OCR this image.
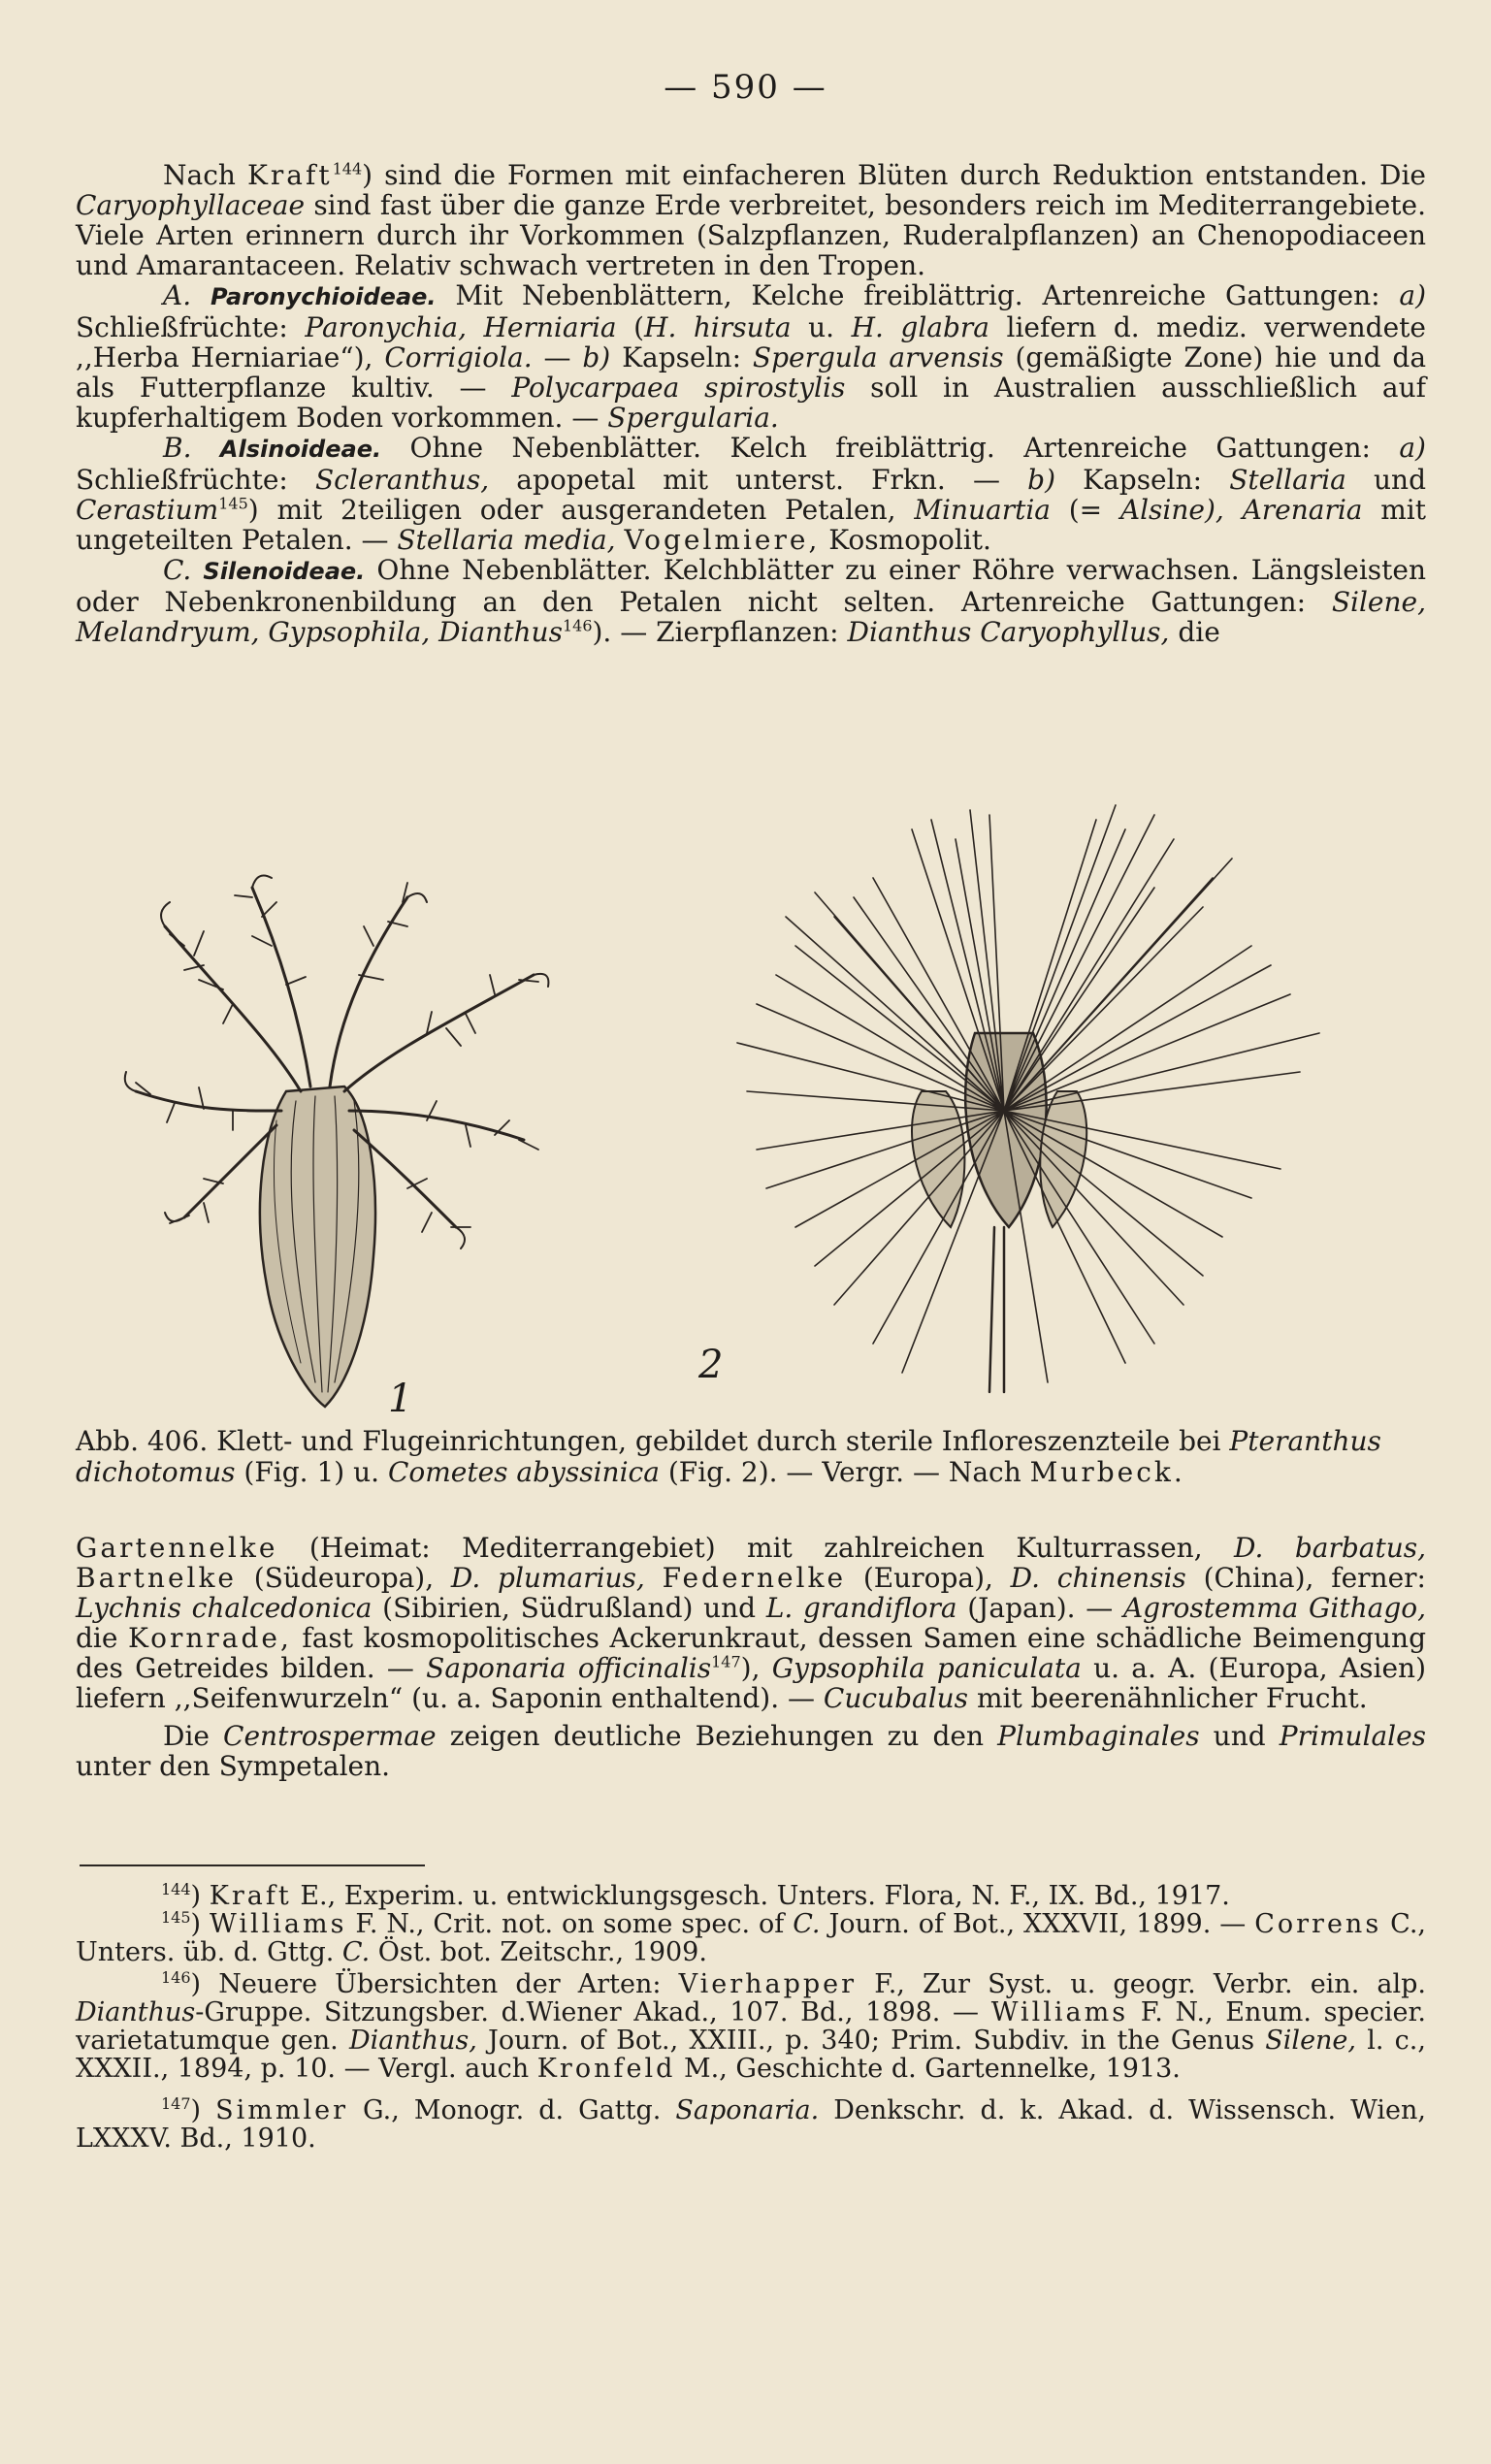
— 590 —

Nach Kraft$^{144}$) sind die Formen mit einfacheren Blüten durch Reduktion entstanden. Die Caryophyllaceae sind fast über die ganze Erde verbreitet, besonders reich im Mediterrangebiete. Viele Arten erinnern durch ihr Vorkommen (Salzpflanzen, Ruderalpflanzen) an Chenopodiaceen und Amarantaceen. Relativ schwach vertreten in den Tropen.

A. Paronychioideae. Mit Nebenblättern, Kelche freiblättrig. Artenreiche Gattungen: a) Schließfrüchte: Paronychia, Herniaria (H. hirsuta u. H. glabra liefern d. mediz. verwendete ,,Herba Herniariae“), Corrigiola. — b) Kapseln: Spergula arvensis (gemäßigte Zone) hie und da als Futterpflanze kultiv. — Polycarpaea spirostylis soll in Australien ausschließlich auf kupferhaltigem Boden vorkommen. — Spergularia.

B. Alsinoideae. Ohne Nebenblätter. Kelch freiblättrig. Artenreiche Gattungen: a) Schließfrüchte: Scleranthus, apopetal mit unterst. Frkn. — b) Kapseln: Stellaria und Cerastium$^{145}$) mit 2teiligen oder ausgerandeten Petalen, Minuartia (= Alsine), Arenaria mit ungeteilten Petalen. — Stellaria media, Vogelmiere, Kosmopolit.

C. Silenoideae. Ohne Nebenblätter. Kelchblätter zu einer Röhre verwachsen. Längsleisten oder Nebenkronenbildung an den Petalen nicht selten. Artenreiche Gattungen: Silene, Melandryum, Gypsophila, Dianthus$^{146}$). — Zierpflanzen: Dianthus Caryophyllus, die

1
2
Abb. 406. Klett- und Flugeinrichtungen, gebildet durch sterile Infloreszenzteile bei Pteranthus dichotomus (Fig. 1) u. Cometes abyssinica (Fig. 2). — Vergr. — Nach Murbeck.

Gartennelke (Heimat: Mediterrangebiet) mit zahlreichen Kulturrassen, D. barbatus, Bartnelke (Südeuropa), D. plumarius, Federnelke (Europa), D. chinensis (China), ferner: Lychnis chalcedonica (Sibirien, Südrußland) und L. grandiflora (Japan). — Agrostemma Githago, die Kornrade, fast kosmopolitisches Ackerunkraut, dessen Samen eine schädliche Beimengung des Getreides bilden. — Saponaria officinalis$^{147}$), Gypsophila paniculata u. a. A. (Europa, Asien) liefern ,,Seifenwurzeln“ (u. a. Saponin enthaltend). — Cucubalus mit beerenähnlicher Frucht.

Die Centrospermae zeigen deutliche Beziehungen zu den Plumbaginales und Primulales unter den Sympetalen.

$^{144}$) Kraft E., Experim. u. entwicklungsgesch. Unters. Flora, N. F., IX. Bd., 1917.

$^{145}$) Williams F. N., Crit. not. on some spec. of C. Journ. of Bot., XXXVII, 1899. — Correns C., Unters. üb. d. Gttg. C. Öst. bot. Zeitschr., 1909.

$^{146}$) Neuere Übersichten der Arten: Vierhapper F., Zur Syst. u. geogr. Verbr. ein. alp. Dianthus-Gruppe. Sitzungsber. d.Wiener Akad., 107. Bd., 1898. — Williams F. N., Enum. specier. varietatumque gen. Dianthus, Journ. of Bot., XXIII., p. 340; Prim. Subdiv. in the Genus Silene, l. c., XXXII., 1894, p. 10. — Vergl. auch Kronfeld M., Geschichte d. Gartennelke, 1913.

$^{147}$) Simmler G., Monogr. d. Gattg. Saponaria. Denkschr. d. k. Akad. d. Wissensch. Wien, LXXXV. Bd., 1910.
